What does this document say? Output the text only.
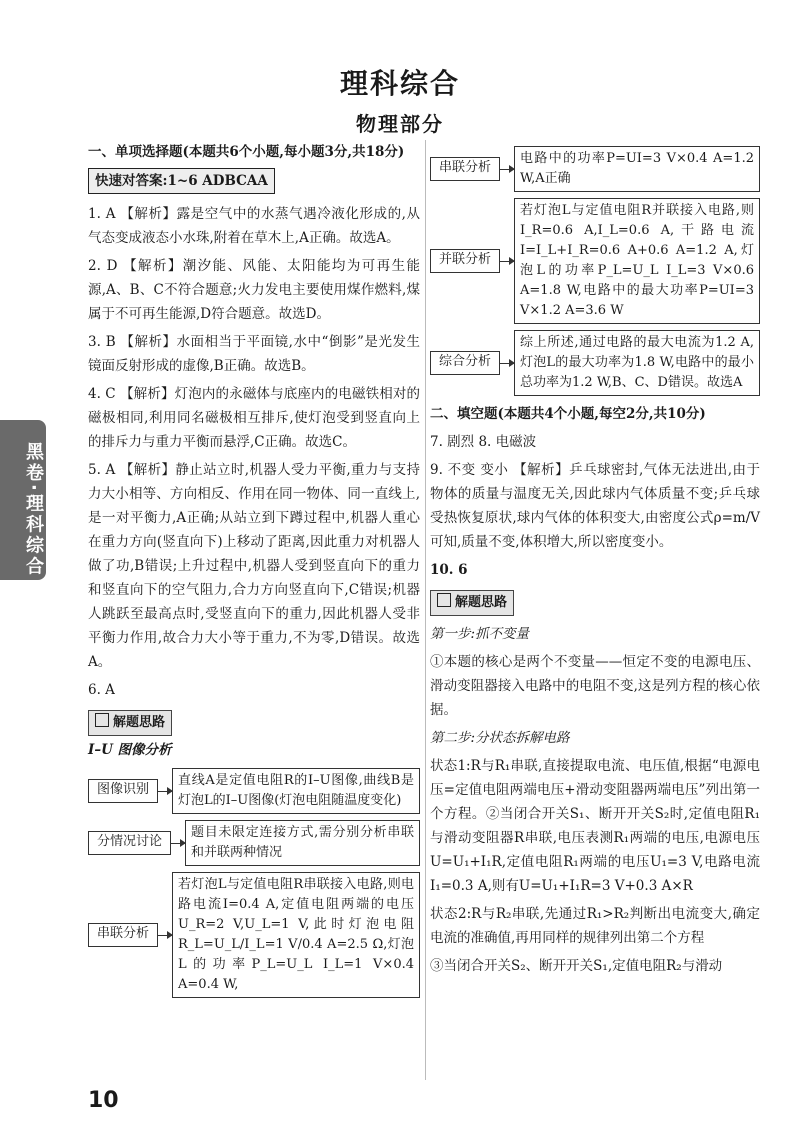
理科综合
物理部分
黑卷·理科综合
一、单项选择题(本题共6个小题,每小题3分,共18分)
快速对答案:1~6 ADBCAA
1. A 【解析】露是空气中的水蒸气遇冷液化形成的,从气态变成液态小水珠,附着在草木上,A正确。故选A。
2. D 【解析】潮汐能、风能、太阳能均为可再生能源,A、B、C不符合题意;火力发电主要使用煤作燃料,煤属于不可再生能源,D符合题意。故选D。
3. B 【解析】水面相当于平面镜,水中“倒影”是光发生镜面反射形成的虚像,B正确。故选B。
4. C 【解析】灯泡内的永磁体与底座内的电磁铁相对的磁极相同,利用同名磁极相互排斥,使灯泡受到竖直向上的排斥力与重力平衡而悬浮,C正确。故选C。
5. A 【解析】静止站立时,机器人受力平衡,重力与支持力大小相等、方向相反、作用在同一物体、同一直线上,是一对平衡力,A正确;从站立到下蹲过程中,机器人重心在重力方向(竖直向下)上移动了距离,因此重力对机器人做了功,B错误;上升过程中,机器人受到竖直向下的重力和竖直向下的空气阻力,合力方向竖直向下,C错误;机器人跳跃至最高点时,受竖直向下的重力,因此机器人受非平衡力作用,故合力大小等于重力,不为零,D错误。故选A。
6. A
解题思路
I–U 图像分析
图像识别
直线A是定值电阻R的I–U图像,曲线B是灯泡L的I–U图像(灯泡电阻随温度变化)
分情况讨论
题目未限定连接方式,需分别分析串联和并联两种情况
串联分析
若灯泡L与定值电阻R串联接入电路,则电路电流I=0.4 A,定值电阻两端的电压U_R=2 V,U_L=1 V,此时灯泡电阻R_L=U_L/I_L=1 V/0.4 A=2.5 Ω,灯泡L的功率P_L=U_L I_L=1 V×0.4 A=0.4 W,
串联分析
电路中的功率P=UI=3 V×0.4 A=1.2 W,A正确
并联分析
若灯泡L与定值电阻R并联接入电路,则I_R=0.6 A,I_L=0.6 A,干路电流I=I_L+I_R=0.6 A+0.6 A=1.2 A,灯泡L的功率P_L=U_L I_L=3 V×0.6 A=1.8 W,电路中的最大功率P=UI=3 V×1.2 A=3.6 W
综合分析
综上所述,通过电路的最大电流为1.2 A,灯泡L的最大功率为1.8 W,电路中的最小总功率为1.2 W,B、C、D错误。故选A
二、填空题(本题共4个小题,每空2分,共10分)
7. 剧烈 8. 电磁波
9. 不变 变小 【解析】乒乓球密封,气体无法进出,由于物体的质量与温度无关,因此球内气体质量不变;乒乓球受热恢复原状,球内气体的体积变大,由密度公式ρ=m/V可知,质量不变,体积增大,所以密度变小。
10. 6
解题思路
第一步:抓不变量
①本题的核心是两个不变量——恒定不变的电源电压、滑动变阻器接入电路中的电阻不变,这是列方程的核心依据。
第二步:分状态拆解电路
状态1:R与R₁串联,直接提取电流、电压值,根据“电源电压=定值电阻两端电压+滑动变阻器两端电压”列出第一个方程。②当闭合开关S₁、断开开关S₂时,定值电阻R₁与滑动变阻器R串联,电压表测R₁两端的电压,电源电压U=U₁+I₁R,定值电阻R₁两端的电压U₁=3 V,电路电流I₁=0.3 A,则有U=U₁+I₁R=3 V+0.3 A×R
状态2:R与R₂串联,先通过R₁>R₂判断出电流变大,确定电流的准确值,再用同样的规律列出第二个方程
③当闭合开关S₂、断开开关S₁,定值电阻R₂与滑动
10
